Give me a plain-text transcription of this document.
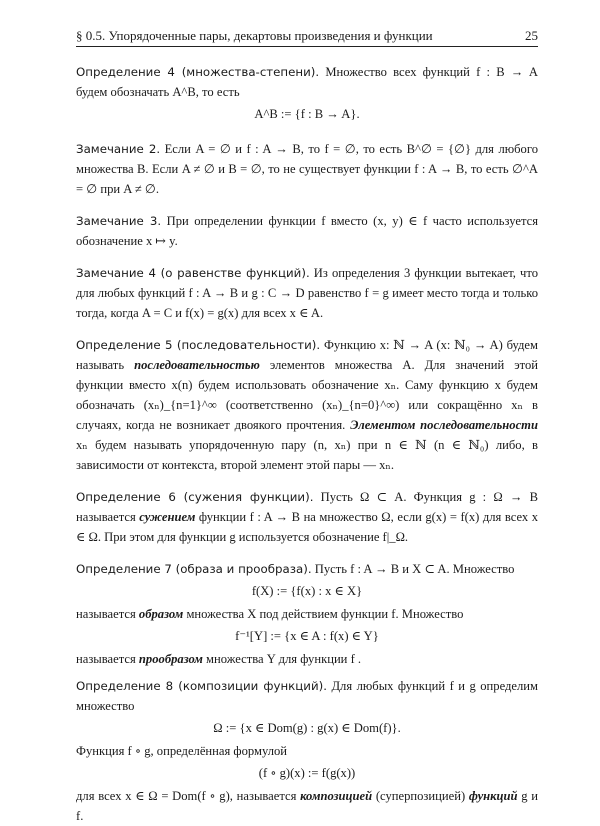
§ 0.5. Упорядоченные пары, декартовы произведения и функции	25
Определение 4 (множества-степени). Множество всех функций f : B → A будем обозначать A^B, то есть
A^B := {f : B → A}.
Замечание 2. Если A = ∅ и f : A → B, то f = ∅, то есть B^∅ = {∅} для любого множества B. Если A ≠ ∅ и B = ∅, то не существует функции f : A → B, то есть ∅^A = ∅ при A ≠ ∅.
Замечание 3. При определении функции f вместо (x, y) ∈ f часто используется обозначение x ↦ y.
Замечание 4 (о равенстве функций). Из определения 3 функции вытекает, что для любых функций f : A → B и g : C → D равенство f = g имеет место тогда и только тогда, когда A = C и f(x) = g(x) для всех x ∈ A.
Определение 5 (последовательности). Функцию x: ℕ → A (x: ℕ₀ → A) будем называть последовательностью элементов множества A. Для значений этой функции вместо x(n) будем использовать обозначение xₙ. Саму функцию x будем обозначать (xₙ)_{n=1}^∞ (соответственно (xₙ)_{n=0}^∞) или сокращённо xₙ в случаях, когда не возникает двоякого прочтения. Элементом последовательности xₙ будем называть упорядоченную пару (n, xₙ) при n ∈ ℕ (n ∈ ℕ₀) либо, в зависимости от контекста, второй элемент этой пары — xₙ.
Определение 6 (сужения функции). Пусть Ω ⊂ A. Функция g : Ω → B называется сужением функции f : A → B на множество Ω, если g(x) = f(x) для всех x ∈ Ω. При этом для функции g используется обозначение f|_Ω.
Определение 7 (образа и прообраза). Пусть f : A → B и X ⊂ A. Множество
f(X) := {f(x) : x ∈ X}
называется образом множества X под действием функции f. Множество
f⁻¹[Y] := {x ∈ A : f(x) ∈ Y}
называется прообразом множества Y для функции f .
Определение 8 (композиции функций). Для любых функций f и g определим множество
Ω := {x ∈ Dom(g) : g(x) ∈ Dom(f)}.
Функция f ∘ g, определённая формулой
(f ∘ g)(x) := f(g(x))
для всех x ∈ Ω = Dom(f ∘ g), называется композицией (суперпозицией) функций g и f.
